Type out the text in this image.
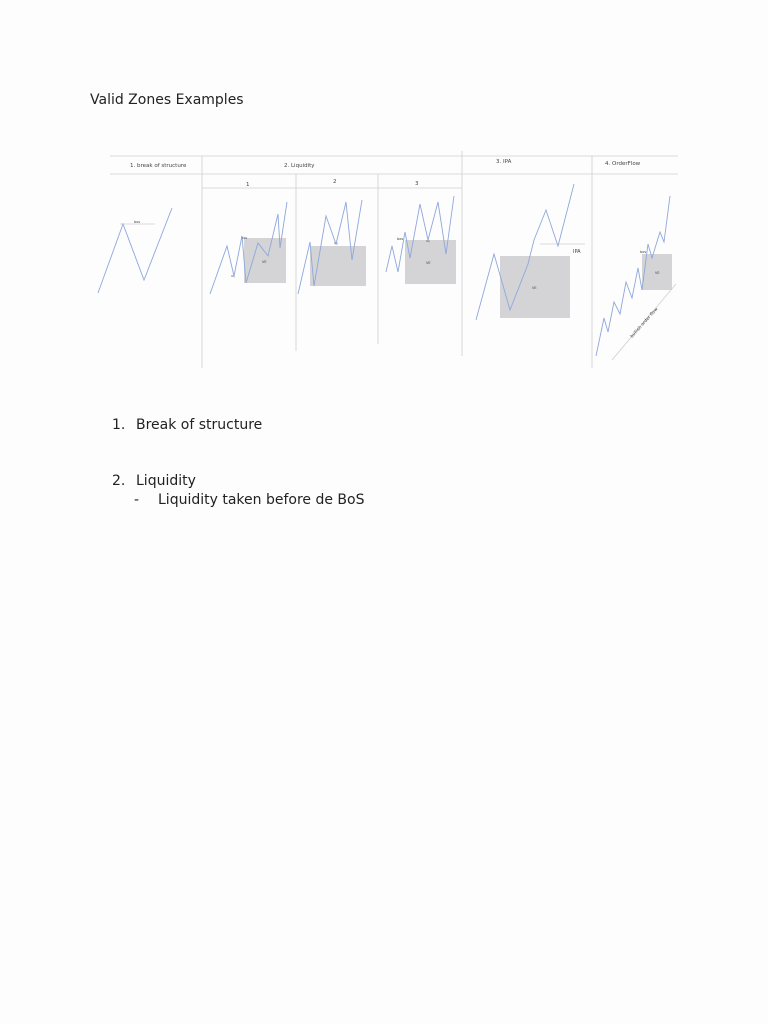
Valid Zones Examples
1. break of structure	2. Liquidity
3. IPA	4. OrderFlow
1	2	3
bos
VE
bos
liq
liq
VE
bos	liq
VE
IPA
VE
bos
bullish order flow
1. Break of structure
2. Liquidity
- Liquidity taken before de BoS
